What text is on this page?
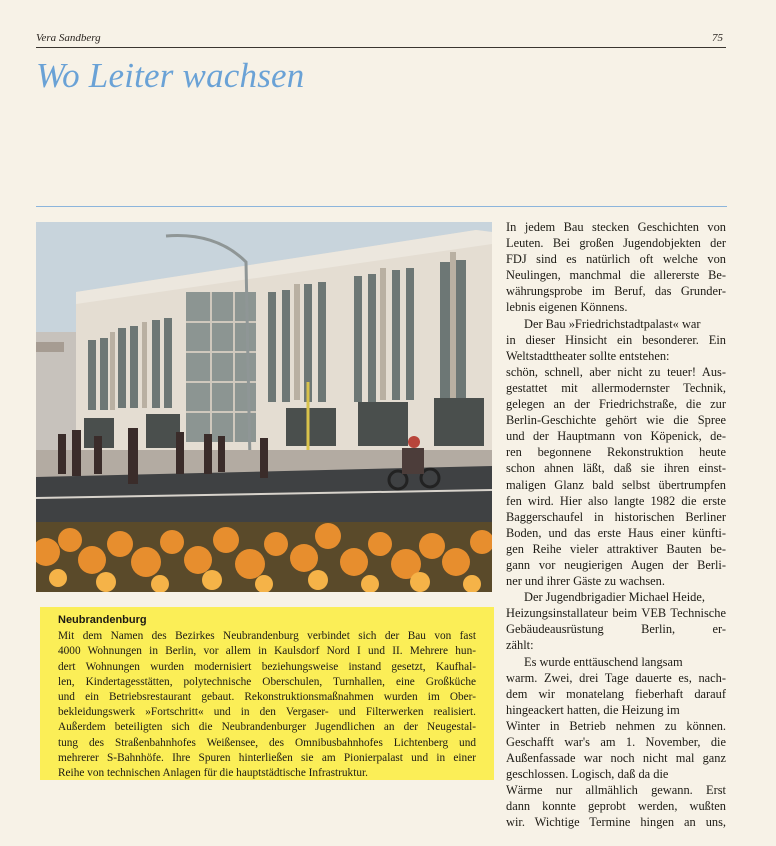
Vera Sandberg	75
Wo Leiter wachsen
Neubrandenburg
Mit dem Namen des Bezirkes Neubrandenburg verbindet sich der Bau von fast
4000 Wohnungen in Berlin, vor allem in Kaulsdorf Nord I und II. Mehrere hun-
dert Wohnungen wurden modernisiert beziehungsweise instand gesetzt, Kaufhal-
len, Kindertagesstätten, polytechnische Oberschulen, Turnhallen, eine Großküche
und ein Betriebsrestaurant gebaut. Rekonstruktionsmaßnahmen wurden im Ober-
bekleidungswerk »Fortschritt« und in den Vergaser- und Filterwerken realisiert.
Außerdem beteiligten sich die Neubrandenburger Jugendlichen an der Neugestal-
tung des Straßenbahnhofes Weißensee, des Omnibusbahnhofes Lichtenberg und
mehrerer S-Bahnhöfe. Ihre Spuren hinterließen sie am Pionierpalast und in einer
Reihe von technischen Anlagen für die hauptstädtische Infrastruktur.
In jedem Bau stecken Geschichten von
Leuten. Bei großen Jugendobjekten der
FDJ sind es natürlich oft welche von
Neulingen, manchmal die allererste Be-
währungsprobe im Beruf, das Grunder-
lebnis eigenen Könnens.
Der Bau »Friedrichstadtpalast« war
in dieser Hinsicht ein besonderer. Ein
Weltstadttheater sollte entstehen:
schön, schnell, aber nicht zu teuer! Aus-
gestattet mit allermodernster Technik,
gelegen an der Friedrichstraße, die zur
Berlin-Geschichte gehört wie die Spree
und der Hauptmann von Köpenick, de-
ren begonnene Rekonstruktion heute
schon ahnen läßt, daß sie ihren einst-
maligen Glanz bald selbst übertrumpfen
fen wird. Hier also langte 1982 die erste
Baggerschaufel in historischen Berliner
Boden, und das erste Haus einer künfti-
gen Reihe vieler attraktiver Bauten be-
gann vor neugierigen Augen der Berli-
ner und ihrer Gäste zu wachsen.
Der Jugendbrigadier Michael Heide,
Heizungsinstallateur beim VEB Technische
Gebäudeausrüstung Berlin, er-
zählt:
Es wurde enttäuschend langsam
warm. Zwei, drei Tage dauerte es, nach-
dem wir monatelang fieberhaft darauf
hingeackert hatten, die Heizung im
Winter in Betrieb nehmen zu können.
Geschafft war's am 1. November, die
Außenfassade war noch nicht mal ganz
geschlossen. Logisch, daß da die
Wärme nur allmählich gewann. Erst
dann konnte geprobt werden, wußten
wir. Wichtige Termine hingen an uns,
